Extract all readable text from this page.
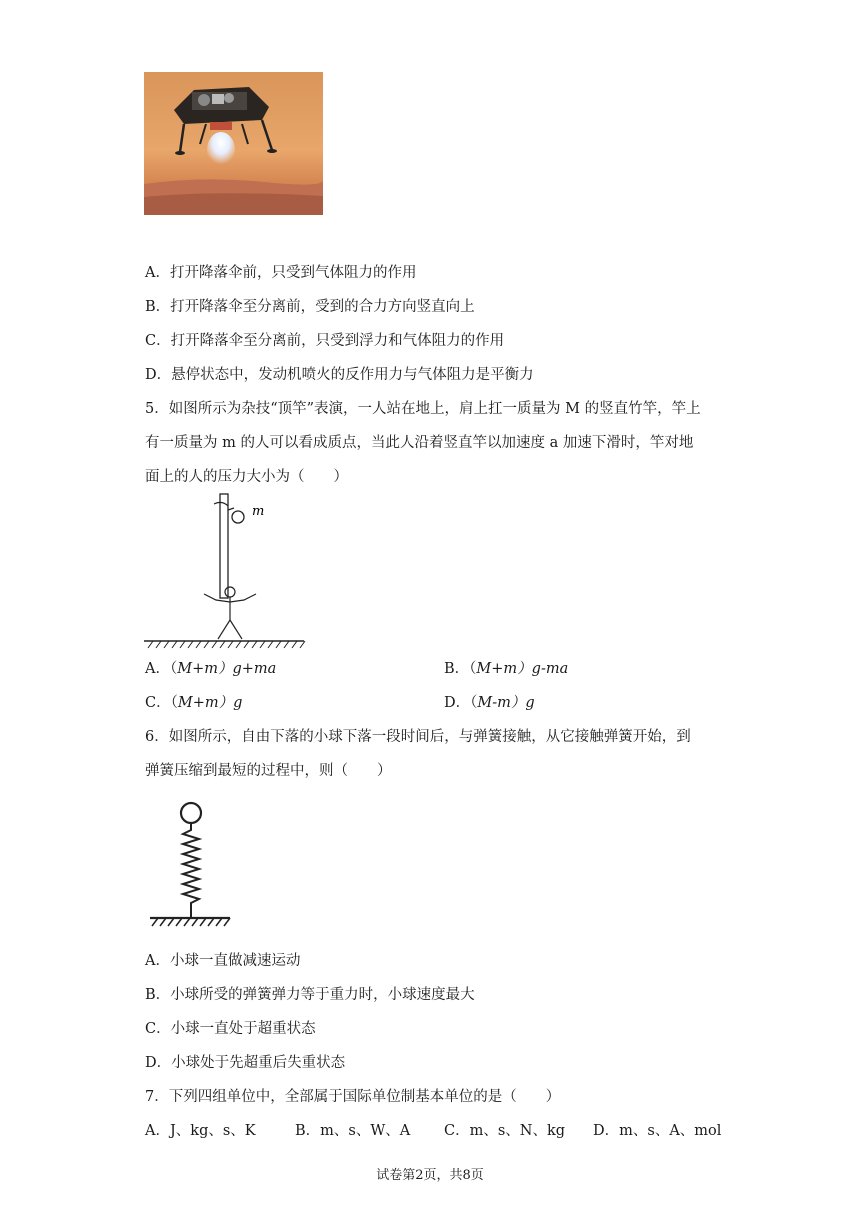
A．打开降落伞前，只受到气体阻力的作用
B．打开降落伞至分离前，受到的合力方向竖直向上
C．打开降落伞至分离前，只受到浮力和气体阻力的作用
D．悬停状态中，发动机喷火的反作用力与气体阻力是平衡力
5．如图所示为杂技“顶竿”表演，一人站在地上，肩上扛一质量为 M 的竖直竹竿，竿上
有一质量为 m 的人可以看成质点，当此人沿着竖直竿以加速度 a 加速下滑时，竿对地
面上的人的压力大小为（　　）
m
A．（M+m）g+ma	B．（M+m）g-ma
C．（M+m）g	D．（M-m）g
6．如图所示，自由下落的小球下落一段时间后，与弹簧接触，从它接触弹簧开始，到
弹簧压缩到最短的过程中，则（　　）
A．小球一直做减速运动
B．小球所受的弹簧弹力等于重力时，小球速度最大
C．小球一直处于超重状态
D．小球处于先超重后失重状态
7．下列四组单位中，全部属于国际单位制基本单位的是（　　）
A．J、kg、s、K	B．m、s、W、A C．m、s、N、kg D．m、s、A、mol
试卷第2页，共8页
